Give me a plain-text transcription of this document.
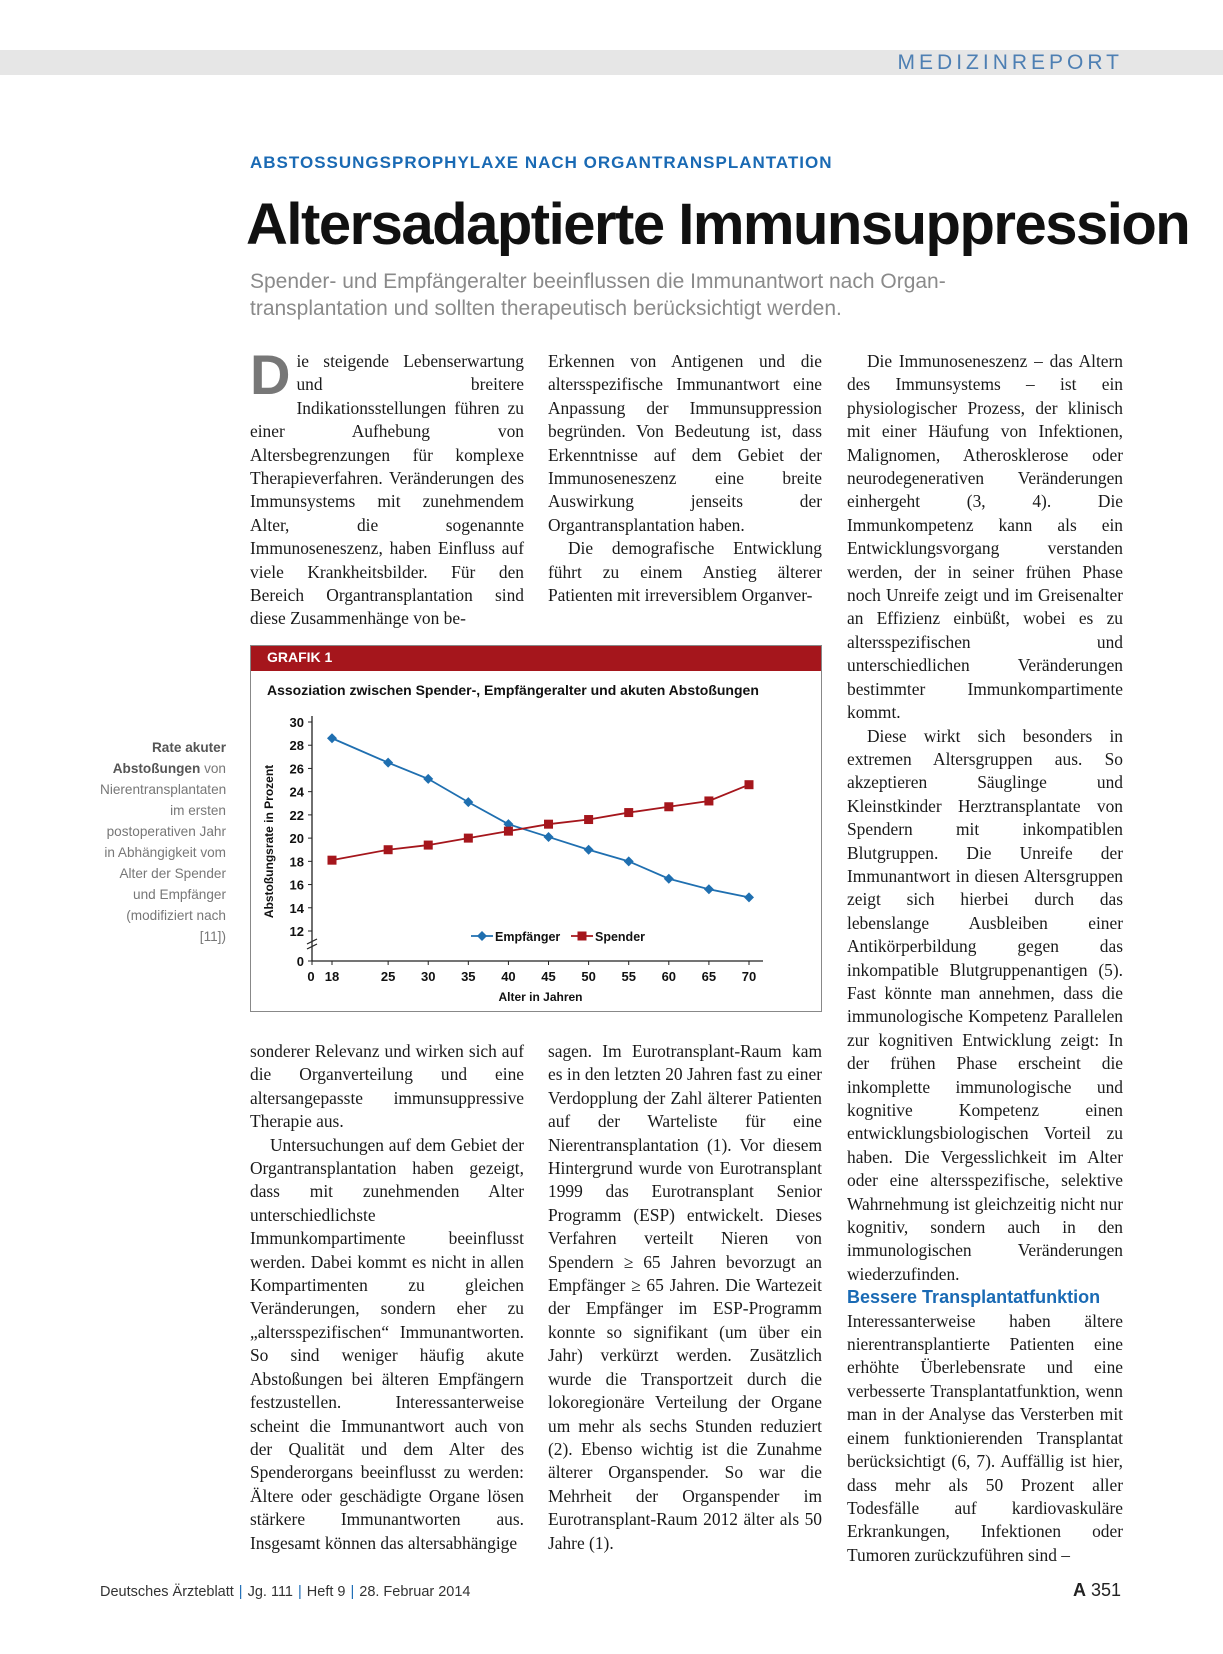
MEDIZINREPORT
ABSTOSSUNGSPROPHYLAXE NACH ORGANTRANSPLANTATION
Altersadaptierte Immunsuppression
Spender- und Empfängeralter beeinflussen die Immunantwort nach Organ-transplantation und sollten therapeutisch berücksichtigt werden.

Die steigende Lebenserwartung und breitere Indikationsstellungen führen zu einer Aufhebung von Altersbegrenzungen für komplexe Therapieverfahren. Veränderungen des Immunsystems mit zunehmendem Alter, die sogenannte Immunoseneszenz, haben Einfluss auf viele Krankheitsbilder. Für den Bereich Organtransplantation sind diese Zusammenhänge von be-

Erkennen von Antigenen und die altersspezifische Immunantwort eine Anpassung der Immunsuppression begründen. Von Bedeutung ist, dass Erkenntnisse auf dem Gebiet der Immunoseneszenz eine breite Auswirkung jenseits der Organtransplantation haben.

Die demografische Entwicklung führt zu einem Anstieg älterer Patienten mit irreversiblem Organver-

Die Immunoseneszenz – das Altern des Immunsystems – ist ein physiologischer Prozess, der klinisch mit einer Häufung von Infektionen, Malignomen, Atherosklerose oder neurodegenerativen Veränderungen einhergeht (3, 4). Die Immunkompetenz kann als ein Entwicklungsvorgang verstanden werden, der in seiner frühen Phase noch Unreife zeigt und im Greisenalter an Effizienz einbüßt, wobei es zu altersspezifischen und unterschiedlichen Veränderungen bestimmter Immunkompartimente kommt.

Diese wirkt sich besonders in extremen Altersgruppen aus. So akzeptieren Säuglinge und Kleinstkinder Herztransplantate von Spendern mit inkompatiblen Blutgruppen. Die Unreife der Immunantwort in diesen Altersgruppen zeigt sich hierbei durch das lebenslange Ausbleiben einer Antikörperbildung gegen das inkompatible Blutgruppenantigen (5). Fast könnte man annehmen, dass die immunologische Kompetenz Parallelen zur kognitiven Entwicklung zeigt: In der frühen Phase erscheint die inkomplette immunologische und kognitive Kompetenz einen entwicklungsbiologischen Vorteil zu haben. Die Vergesslichkeit im Alter oder eine altersspezifische, selektive Wahrnehmung ist gleichzeitig nicht nur kognitiv, sondern auch in den immunologischen Veränderungen wiederzufinden.

Bessere Transplantatfunktion

Interessanterweise haben ältere nierentransplantierte Patienten eine erhöhte Überlebensrate und eine verbesserte Transplantatfunktion, wenn man in der Analyse das Versterben mit einem funktionierenden Transplantat berücksichtigt (6, 7). Auffällig ist hier, dass mehr als 50 Prozent aller Todesfälle auf kardiovaskuläre Erkrankungen, Infektionen oder Tumoren zurückzuführen sind –

Rate akuter Abstoßungen von Nierentransplantaten im ersten postoperativen Jahr in Abhängigkeit vom Alter der Spender und Empfänger (modifiziert nach [11])
GRAFIK 1
Assoziation zwischen Spender-, Empfängeralter und akuten Abstoßungen
0
12
14
16
18
20
22
24
26
28
30
0 18	25 30 35 40 45 50 55 60 65 70
Alter in Jahren
Abstoßungsrate in Prozent
Empfänger	Spender

sonderer Relevanz und wirken sich auf die Organverteilung und eine altersangepasste immunsuppressive Therapie aus.

Untersuchungen auf dem Gebiet der Organtransplantation haben gezeigt, dass mit zunehmenden Alter unterschiedlichste Immunkompartimente beeinflusst werden. Dabei kommt es nicht in allen Kompartimenten zu gleichen Veränderungen, sondern eher zu „altersspezifischen“ Immunantworten. So sind weniger häufig akute Abstoßungen bei älteren Empfängern festzustellen. Interessanterweise scheint die Immunantwort auch von der Qualität und dem Alter des Spenderorgans beeinflusst zu werden: Ältere oder geschädigte Organe lösen stärkere Immunantworten aus. Insgesamt können das altersabhängige

sagen. Im Eurotransplant-Raum kam es in den letzten 20 Jahren fast zu einer Verdopplung der Zahl älterer Patienten auf der Warteliste für eine Nierentransplantation (1). Vor diesem Hintergrund wurde von Eurotransplant 1999 das Eurotransplant Senior Programm (ESP) entwickelt. Dieses Verfahren verteilt Nieren von Spendern ≥ 65 Jahren bevorzugt an Empfänger ≥ 65 Jahren. Die Wartezeit der Empfänger im ESP-Programm konnte so signifikant (um über ein Jahr) verkürzt werden. Zusätzlich wurde die Transportzeit durch die lokoregionäre Verteilung der Organe um mehr als sechs Stunden reduziert (2). Ebenso wichtig ist die Zunahme älterer Organspender. So war die Mehrheit der Organspender im Eurotransplant-Raum 2012 älter als 50 Jahre (1).

Deutsches Ärzteblatt | Jg. 111 | Heft 9 | 28. Februar 2014	A 351
